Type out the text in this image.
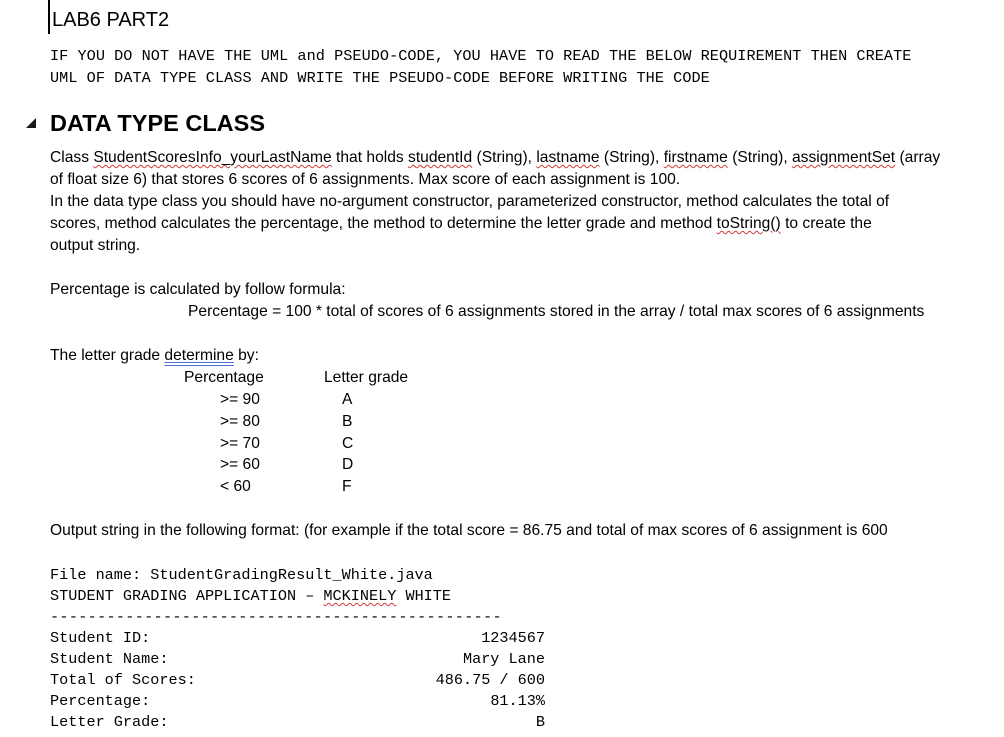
LAB6 PART2
IF YOU DO NOT HAVE THE UML and PSEUDO-CODE, YOU HAVE TO READ THE BELOW REQUIREMENT THEN CREATE
UML OF DATA TYPE CLASS AND WRITE THE PSEUDO-CODE BEFORE WRITING THE CODE
DATA TYPE CLASS
Class StudentScoresInfo_yourLastName that holds studentId (String), lastname (String), firstname (String), assignmentSet (array
of float size 6) that stores 6 scores of 6 assignments. Max score of each assignment is 100.
In the data type class you should have no-argument constructor, parameterized constructor, method calculates the total of
scores, method calculates the percentage, the method to determine the letter grade and method toString() to create the
output string.
Percentage is calculated by follow formula:
Percentage = 100 * total of scores of 6 assignments stored in the array / total max scores of 6 assignments
The letter grade determine by:
Percentage	Letter grade
>= 90	A
>= 80	B
>= 70	C
>= 60	D
< 60	F
Output string in the following format: (for example if the total score = 86.75 and total of max scores of 6 assignment is 600
File name: StudentGradingResult_White.java
STUDENT GRADING APPLICATION – MCKINELY WHITE
------------------------------------------------
Student ID:	1234567
Student Name:	Mary Lane
Total of Scores:	486.75 / 600
Percentage:	81.13%
Letter Grade:	B
